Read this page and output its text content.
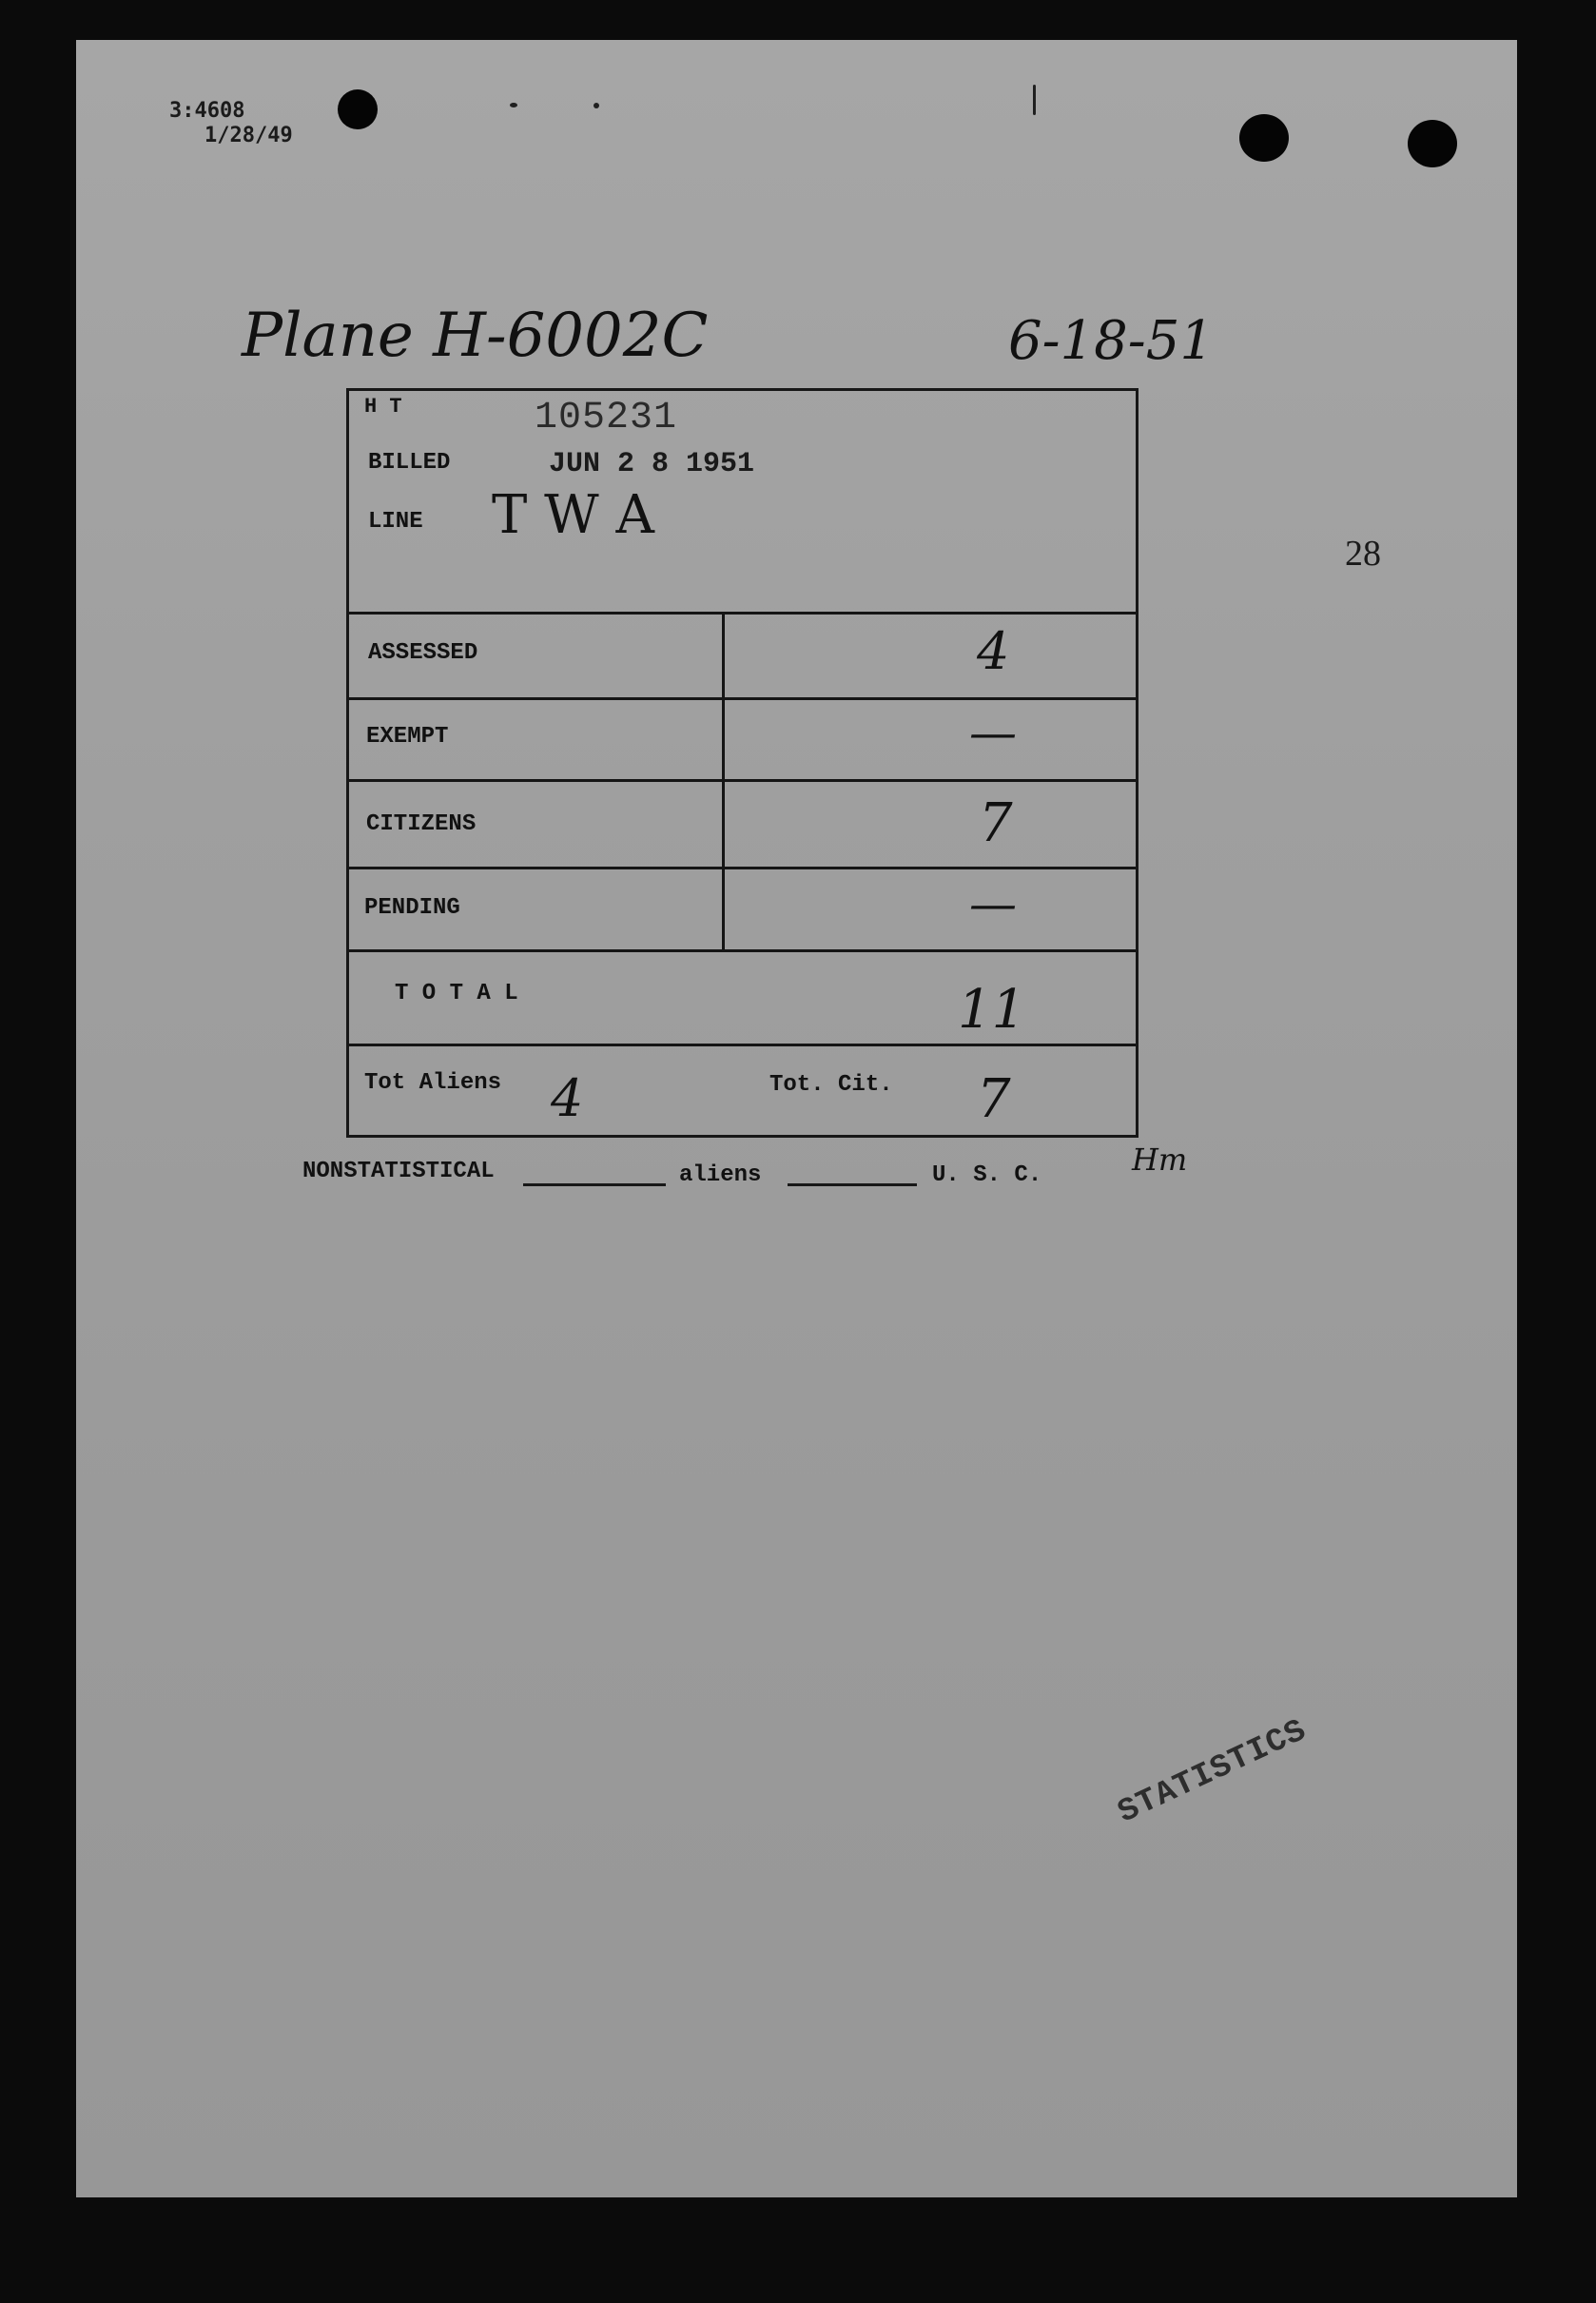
3:4608
1/28/49
Plane H-6002C	6-18-51
H T	105231
BILLED	JUN 2 8 1951
LINE T W A
ASSESSED	4
EXEMPT	—
CITIZENS	7
PENDING	—
T O T A L	11
Tot Aliens 4	Tot. Cit. 7
Hm
28
NONSTATISTICAL	aliens	U. S. C.
STATISTICS
